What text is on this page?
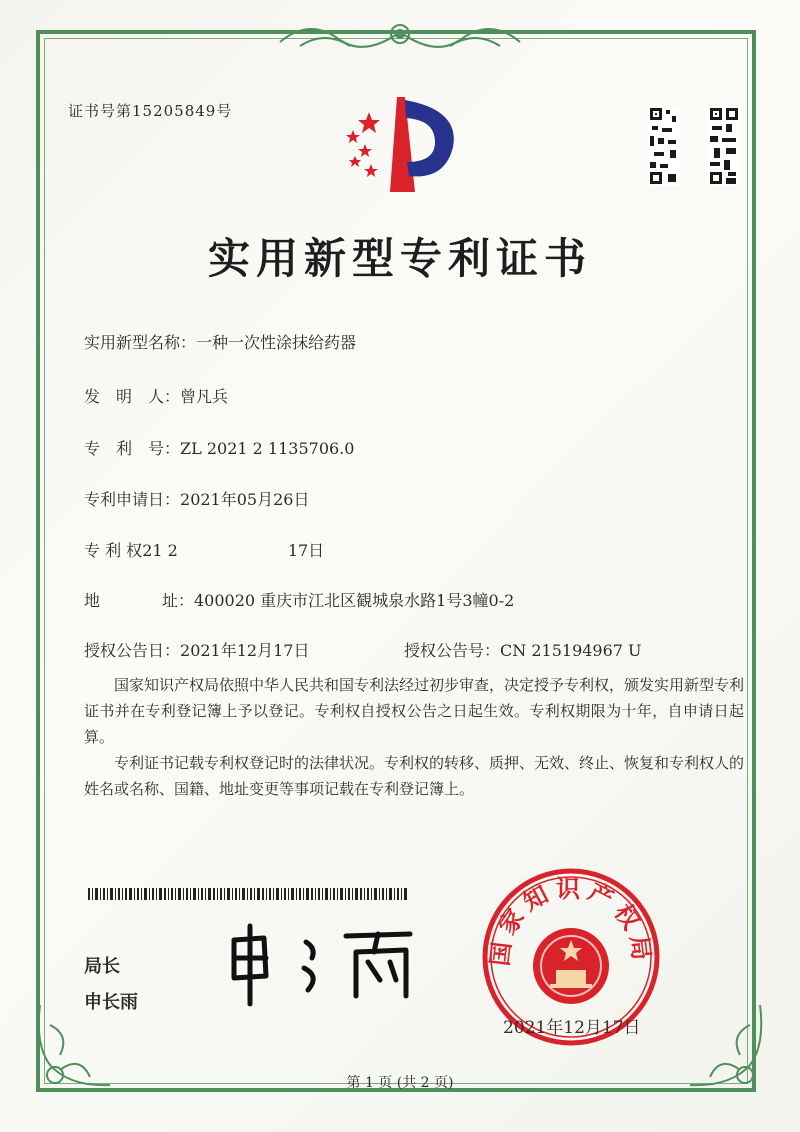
证书号第15205849号
实用新型专利证书
实用新型名称：一种一次性涂抹给药器
发　明　人：曾凡兵
专　利　号：ZL 2021 2 1135706.0
专利申请日：2021年05月26日
专 利 权21 2	17日
地	址：400020 重庆市江北区観城泉水路1号3幢0-2
授权公告日：2021年12月17日	授权公告号：CN 215194967 U
国家知识产权局依照中华人民共和国专利法经过初步审查，决定授予专利权，颁发实用新型专利证书并在专利登记簿上予以登记。专利权自授权公告之日起生效。专利权期限为十年，自申请日起算。
专利证书记载专利权登记时的法律状况。专利权的转移、质押、无效、终止、恢复和专利权人的姓名或名称、国籍、地址变更等事项记载在专利登记簿上。
局长
申长雨
国家知识产权局
2021年12月17日
第 1 页 (共 2 页)
